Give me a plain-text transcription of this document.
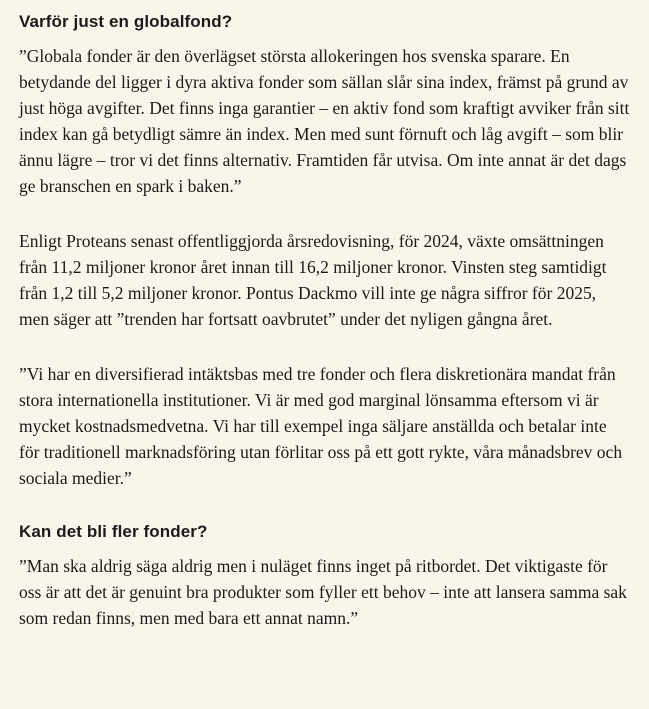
Varför just en globalfond?

”Globala fonder är den överlägset största allokeringen hos svenska sparare. En betydande del ligger i dyra aktiva fonder som sällan slår sina index, främst på grund av just höga avgifter. Det finns inga garantier – en aktiv fond som kraftigt avviker från sitt index kan gå betydligt sämre än index. Men med sunt förnuft och låg avgift – som blir ännu lägre – tror vi det finns alternativ. Framtiden får utvisa. Om inte annat är det dags ge branschen en spark i baken.”

Enligt Proteans senast offentliggjorda årsredovisning, för 2024, växte omsättningen från 11,2 miljoner kronor året innan till 16,2 miljoner kronor. Vinsten steg samtidigt från 1,2 till 5,2 miljoner kronor. Pontus Dackmo vill inte ge några siffror för 2025, men säger att ”trenden har fortsatt oavbrutet” under det nyligen gångna året.

”Vi har en diversifierad intäktsbas med tre fonder och flera diskretionära mandat från stora internationella institutioner. Vi är med god marginal lönsamma eftersom vi är mycket kostnadsmedvetna. Vi har till exempel inga säljare anställda och betalar inte för traditionell marknadsföring utan förlitar oss på ett gott rykte, våra månadsbrev och sociala medier.”

Kan det bli fler fonder?

”Man ska aldrig säga aldrig men i nuläget finns inget på ritbordet. Det viktigaste för oss är att det är genuint bra produkter som fyller ett behov – inte att lansera samma sak som redan finns, men med bara ett annat namn.”
